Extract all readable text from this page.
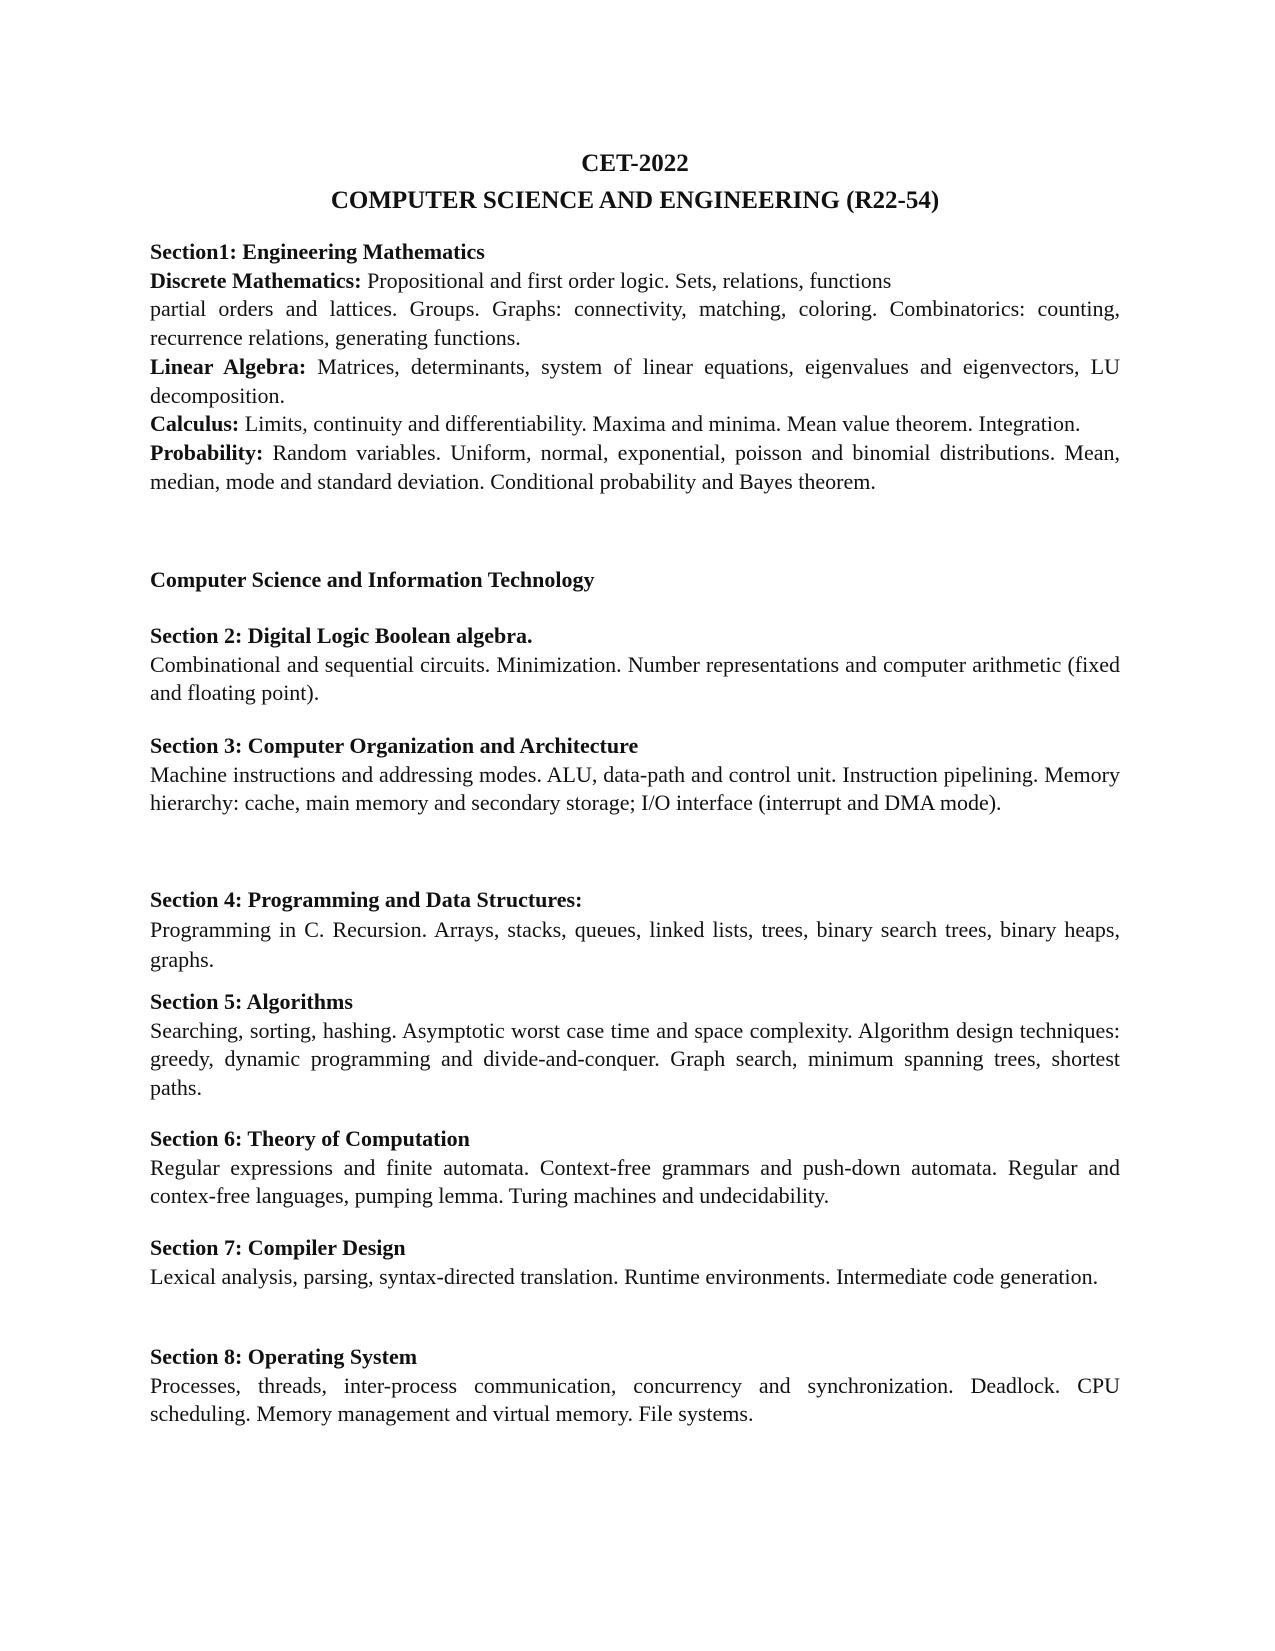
CET-2022
COMPUTER SCIENCE AND ENGINEERING (R22-54)
Section1: Engineering Mathematics
Discrete Mathematics: Propositional and first order logic. Sets, relations, functions

partial orders and lattices. Groups. Graphs: connectivity, matching, coloring. Combinatorics: counting, recurrence relations, generating functions.

Linear Algebra: Matrices, determinants, system of linear equations, eigenvalues and eigenvectors, LU decomposition.

Calculus: Limits, continuity and differentiability. Maxima and minima. Mean value theorem. Integration.

Probability: Random variables. Uniform, normal, exponential, poisson and binomial distributions. Mean, median, mode and standard deviation. Conditional probability and Bayes theorem.

Computer Science and Information Technology
Section 2: Digital Logic Boolean algebra.

Combinational and sequential circuits. Minimization. Number representations and computer arithmetic (fixed and floating point).

Section 3: Computer Organization and Architecture

Machine instructions and addressing modes. ALU, data-path and control unit. Instruction pipelining. Memory hierarchy: cache, main memory and secondary storage; I/O interface (interrupt and DMA mode).

Section 4: Programming and Data Structures:

Programming in C. Recursion. Arrays, stacks, queues, linked lists, trees, binary search trees, binary heaps, graphs.

Section 5: Algorithms

Searching, sorting, hashing. Asymptotic worst case time and space complexity. Algorithm design techniques: greedy, dynamic programming and divide-and-conquer. Graph search, minimum spanning trees, shortest paths.

Section 6: Theory of Computation

Regular expressions and finite automata. Context-free grammars and push-down automata. Regular and contex-free languages, pumping lemma. Turing machines and undecidability.

Section 7: Compiler Design

Lexical analysis, parsing, syntax-directed translation. Runtime environments. Intermediate code generation.

Section 8: Operating System

Processes, threads, inter-process communication, concurrency and synchronization. Deadlock. CPU scheduling. Memory management and virtual memory. File systems.
